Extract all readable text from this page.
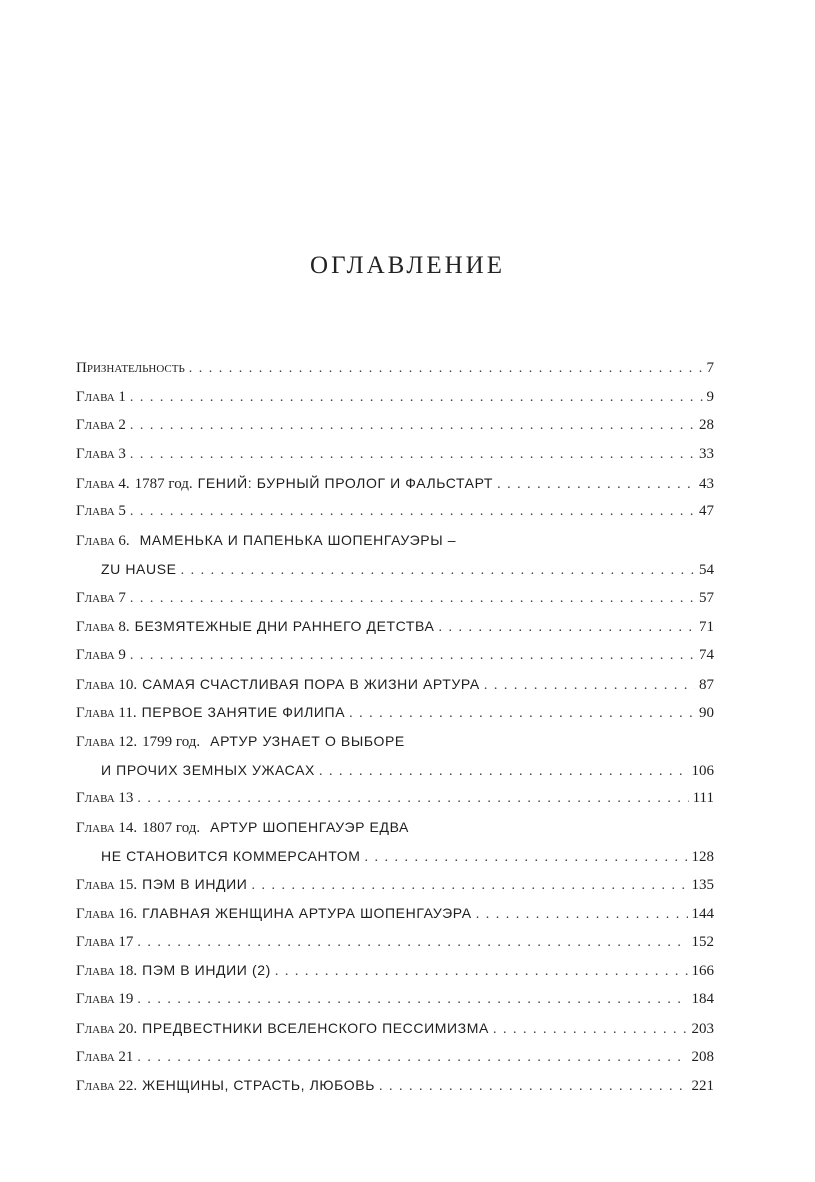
ОГЛАВЛЕНИЕ
Признательность . . .	7
Глава 1 . . .	9
Глава 2 . . .	28
Глава 3 . . .	33
Глава 4. 1787 год. ГЕНИЙ: БУРНЫЙ ПРОЛОГ И ФАЛЬСТАРТ . . .	43
Глава 5 . . .	47
Глава 6. МАМЕНЬКА И ПАПЕНЬКА ШОПЕНГАУЭРЫ –
ZU HAUSE . . .	54
Глава 7 . . .	57
Глава 8. БЕЗМЯТЕЖНЫЕ ДНИ РАННЕГО ДЕТСТВА . . .	71
Глава 9 . . .	74
Глава 10. САМАЯ СЧАСТЛИВАЯ ПОРА В ЖИЗНИ АРТУРА . . .	87
Глава 11. ПЕРВОЕ ЗАНЯТИЕ ФИЛИПА . . .	90
Глава 12. 1799 год. АРТУР УЗНАЕТ О ВЫБОРЕ
И ПРОЧИХ ЗЕМНЫХ УЖАСАХ . . .	106
Глава 13 . . .	111
Глава 14. 1807 год. АРТУР ШОПЕНГАУЭР ЕДВА
НЕ СТАНОВИТСЯ КОММЕРСАНТОМ . . .	128
Глава 15. ПЭМ В ИНДИИ . . .	135
Глава 16. ГЛАВНАЯ ЖЕНЩИНА АРТУРА ШОПЕНГАУЭРА . . .	144
Глава 17 . . .	152
Глава 18. ПЭМ В ИНДИИ (2) . . .	166
Глава 19 . . .	184
Глава 20. ПРЕДВЕСТНИКИ ВСЕЛЕНСКОГО ПЕССИМИЗМА . . .	203
Глава 21 . . .	208
Глава 22. ЖЕНЩИНЫ, СТРАСТЬ, ЛЮБОВЬ . . .	221
